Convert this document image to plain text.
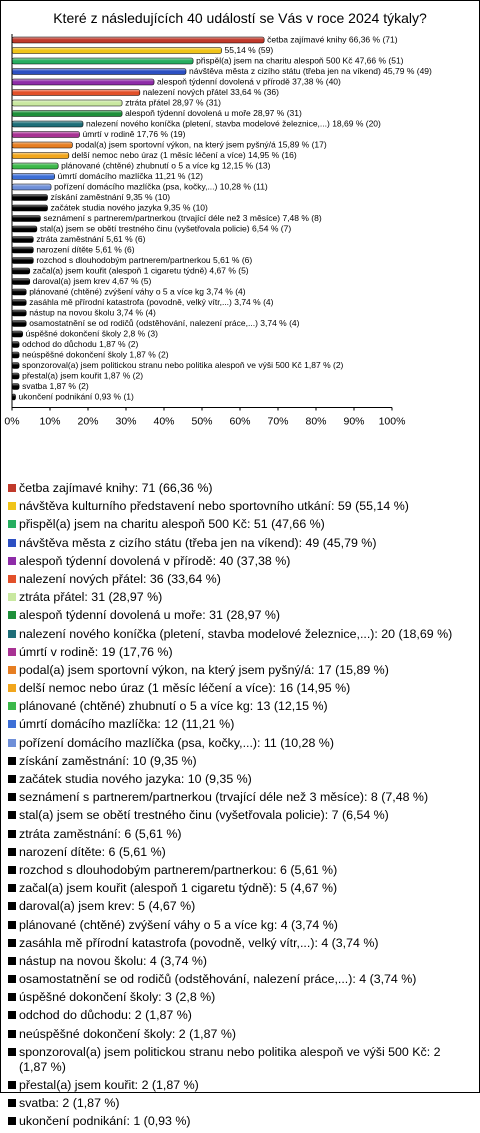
Které z následujících 40 událostí se Vás v roce 2024 týkaly?
četba zajímavé knihy 66,36 % (71)
55,14 % (59)
přispěl(a) jsem na charitu alespoň 500 Kč 47,66 % (51)
návštěva města z cizího státu (třeba jen na víkend) 45,79 % (49)
alespoň týdenní dovolená v přírodě 37,38 % (40)
nalezení nových přátel 33,64 % (36)
ztráta přátel 28,97 % (31)
alespoň týdenní dovolená u moře 28,97 % (31)
nalezení nového koníčka (pletení, stavba modelové železnice,...) 18,69 % (20)
úmrtí v rodině 17,76 % (19)
podal(a) jsem sportovní výkon, na který jsem pyšný/á 15,89 % (17)
delší nemoc nebo úraz (1 měsíc léčení a více) 14,95 % (16)
plánované (chtěné) zhubnutí o 5 a více kg 12,15 % (13)
úmrtí domácího mazlíčka 11,21 % (12)
pořízení domácího mazlíčka (psa, kočky,...) 10,28 % (11)
získání zaměstnání 9,35 % (10)
začátek studia nového jazyka 9,35 % (10)
seznámení s partnerem/partnerkou (trvající déle než 3 měsíce) 7,48 % (8)
stal(a) jsem se obětí trestného činu (vyšetřovala policie) 6,54 % (7)
ztráta zaměstnání 5,61 % (6)
narození dítěte 5,61 % (6)
rozchod s dlouhodobým partnerem/partnerkou 5,61 % (6)
začal(a) jsem kouřit (alespoň 1 cigaretu týdně) 4,67 % (5)
daroval(a) jsem krev 4,67 % (5)
plánované (chtěné) zvýšení váhy o 5 a více kg 3,74 % (4)
zasáhla mě přírodní katastrofa (povodně, velký vítr,...) 3,74 % (4)
nástup na novou školu 3,74 % (4)
osamostatnění se od rodičů (odstěhování, nalezení práce,...) 3,74 % (4)
úspěšné dokončení školy 2,8 % (3)
odchod do důchodu 1,87 % (2)
neúspěšné dokončení školy 1,87 % (2)
sponzoroval(a) jsem politickou stranu nebo politika alespoň ve výši 500 Kč 1,87 % (2)
přestal(a) jsem kouřit 1,87 % (2)
svatba 1,87 % (2)
ukončení podnikání 0,93 % (1)
0% 10% 20% 30% 40% 50% 60% 70% 80% 90% 100%
četba zajímavé knihy: 71 (66,36 %)
návštěva kulturního představení nebo sportovního utkání: 59 (55,14 %)
přispěl(a) jsem na charitu alespoň 500 Kč: 51 (47,66 %)
návštěva města z cizího státu (třeba jen na víkend): 49 (45,79 %)
alespoň týdenní dovolená v přírodě: 40 (37,38 %)
nalezení nových přátel: 36 (33,64 %)
ztráta přátel: 31 (28,97 %)
alespoň týdenní dovolená u moře: 31 (28,97 %)
nalezení nového koníčka (pletení, stavba modelové železnice,...): 20 (18,69 %)
úmrtí v rodině: 19 (17,76 %)
podal(a) jsem sportovní výkon, na který jsem pyšný/á: 17 (15,89 %)
delší nemoc nebo úraz (1 měsíc léčení a více): 16 (14,95 %)
plánované (chtěné) zhubnutí o 5 a více kg: 13 (12,15 %)
úmrtí domácího mazlíčka: 12 (11,21 %)
pořízení domácího mazlíčka (psa, kočky,...): 11 (10,28 %)
získání zaměstnání: 10 (9,35 %)
začátek studia nového jazyka: 10 (9,35 %)
seznámení s partnerem/partnerkou (trvající déle než 3 měsíce): 8 (7,48 %)
stal(a) jsem se obětí trestného činu (vyšetřovala policie): 7 (6,54 %)
ztráta zaměstnání: 6 (5,61 %)
narození dítěte: 6 (5,61 %)
rozchod s dlouhodobým partnerem/partnerkou: 6 (5,61 %)
začal(a) jsem kouřit (alespoň 1 cigaretu týdně): 5 (4,67 %)
daroval(a) jsem krev: 5 (4,67 %)
plánované (chtěné) zvýšení váhy o 5 a více kg: 4 (3,74 %)
zasáhla mě přírodní katastrofa (povodně, velký vítr,...): 4 (3,74 %)
nástup na novou školu: 4 (3,74 %)
osamostatnění se od rodičů (odstěhování, nalezení práce,...): 4 (3,74 %)
úspěšné dokončení školy: 3 (2,8 %)
odchod do důchodu: 2 (1,87 %)
neúspěšné dokončení školy: 2 (1,87 %)
sponzoroval(a) jsem politickou stranu nebo politika alespoň ve výši 500 Kč: 2 (1,87 %)
přestal(a) jsem kouřit: 2 (1,87 %)
svatba: 2 (1,87 %)
ukončení podnikání: 1 (0,93 %)
